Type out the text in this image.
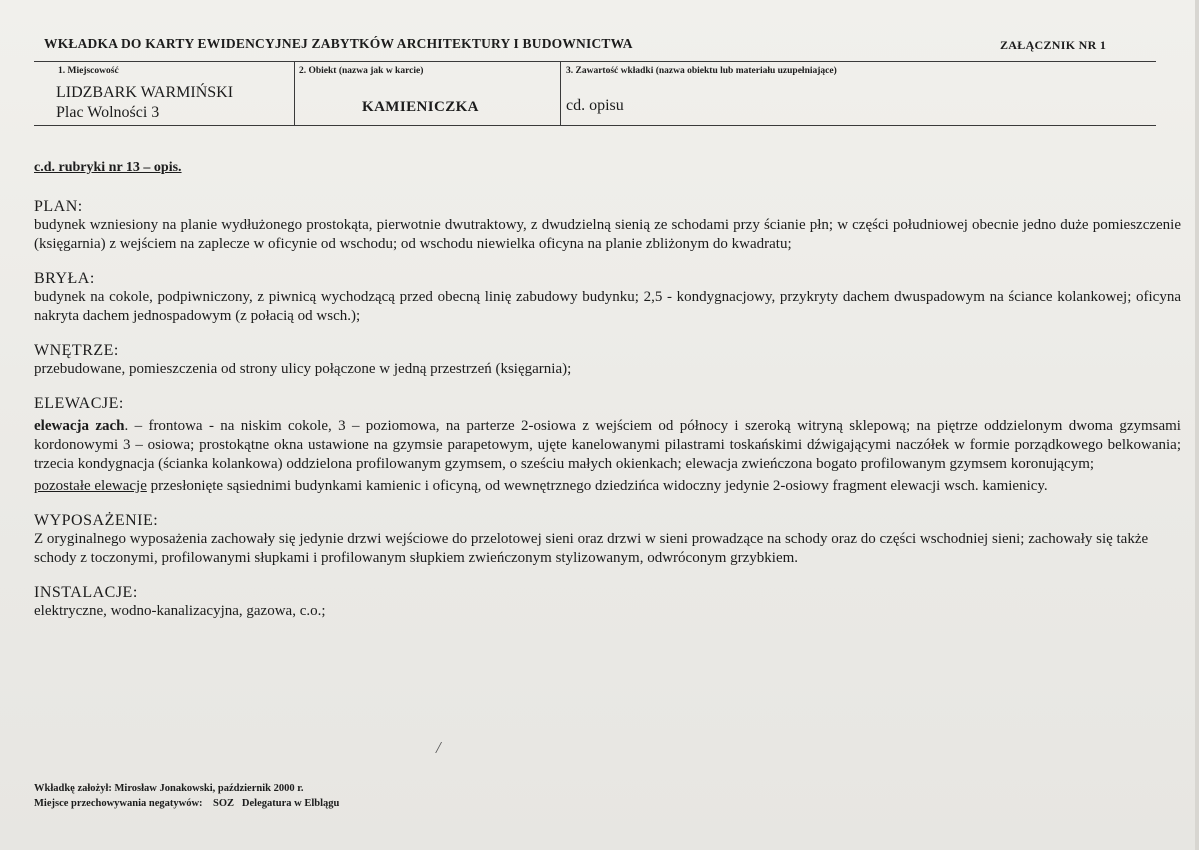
WKŁADKA DO KARTY EWIDENCYJNEJ ZABYTKÓW ARCHITEKTURY I BUDOWNICTWA	ZAŁĄCZNIK NR 1
1. Miejscowość
LIDZBARK WARMIŃSKI
Plac Wolności 3
2. Obiekt (nazwa jak w karcie)
KAMIENICZKA
3. Zawartość wkładki (nazwa obiektu lub materiału uzupełniające)
cd. opisu
c.d. rubryki nr 13 – opis.
PLAN:

budynek wzniesiony na planie wydłużonego prostokąta, pierwotnie dwutraktowy, z dwudzielną sienią ze schodami przy ścianie płn; w części południowej obecnie jedno duże pomieszczenie (księgarnia) z wejściem na zaplecze w oficynie od wschodu; od wschodu niewielka oficyna na planie zbliżonym do kwadratu;

BRYŁA:

budynek na cokole, podpiwniczony, z piwnicą wychodzącą przed obecną linię zabudowy budynku; 2,5 - kondygnacjowy, przykryty dachem dwuspadowym na ściance kolankowej; oficyna nakryta dachem jednospadowym (z połacią od wsch.);

WNĘTRZE:

przebudowane, pomieszczenia od strony ulicy połączone w jedną przestrzeń (księgarnia);

ELEWACJE:

elewacja zach. – frontowa - na niskim cokole, 3 – poziomowa, na parterze 2-osiowa z wejściem od północy i szeroką witryną sklepową; na piętrze oddzielonym dwoma gzymsami kordonowymi 3 – osiowa; prostokątne okna ustawione na gzymsie parapetowym, ujęte kanelowanymi pilastrami toskańskimi dźwigającymi naczółek w formie porządkowego belkowania; trzecia kondygnacja (ścianka kolankowa) oddzielona profilowanym gzymsem, o sześciu małych okienkach; elewacja zwieńczona bogato profilowanym gzymsem koronującym;

pozostałe elewacje przesłonięte sąsiednimi budynkami kamienic i oficyną, od wewnętrznego dziedzińca widoczny jedynie 2-osiowy fragment elewacji wsch. kamienicy.

WYPOSAŻENIE:

Z oryginalnego wyposażenia zachowały się jedynie drzwi wejściowe do przelotowej sieni oraz drzwi w sieni prowadzące na schody oraz do części wschodniej sieni; zachowały się także schody z toczonymi, profilowanymi słupkami i profilowanym słupkiem zwieńczonym stylizowanym, odwróconym grzybkiem.

INSTALACJE:

elektryczne, wodno-kanalizacyjna, gazowa, c.o.;

/
Wkładkę założył: Mirosław Jonakowski, październik 2000 r.
Miejsce przechowywania negatywów:    SOZ   Delegatura w Elblągu
